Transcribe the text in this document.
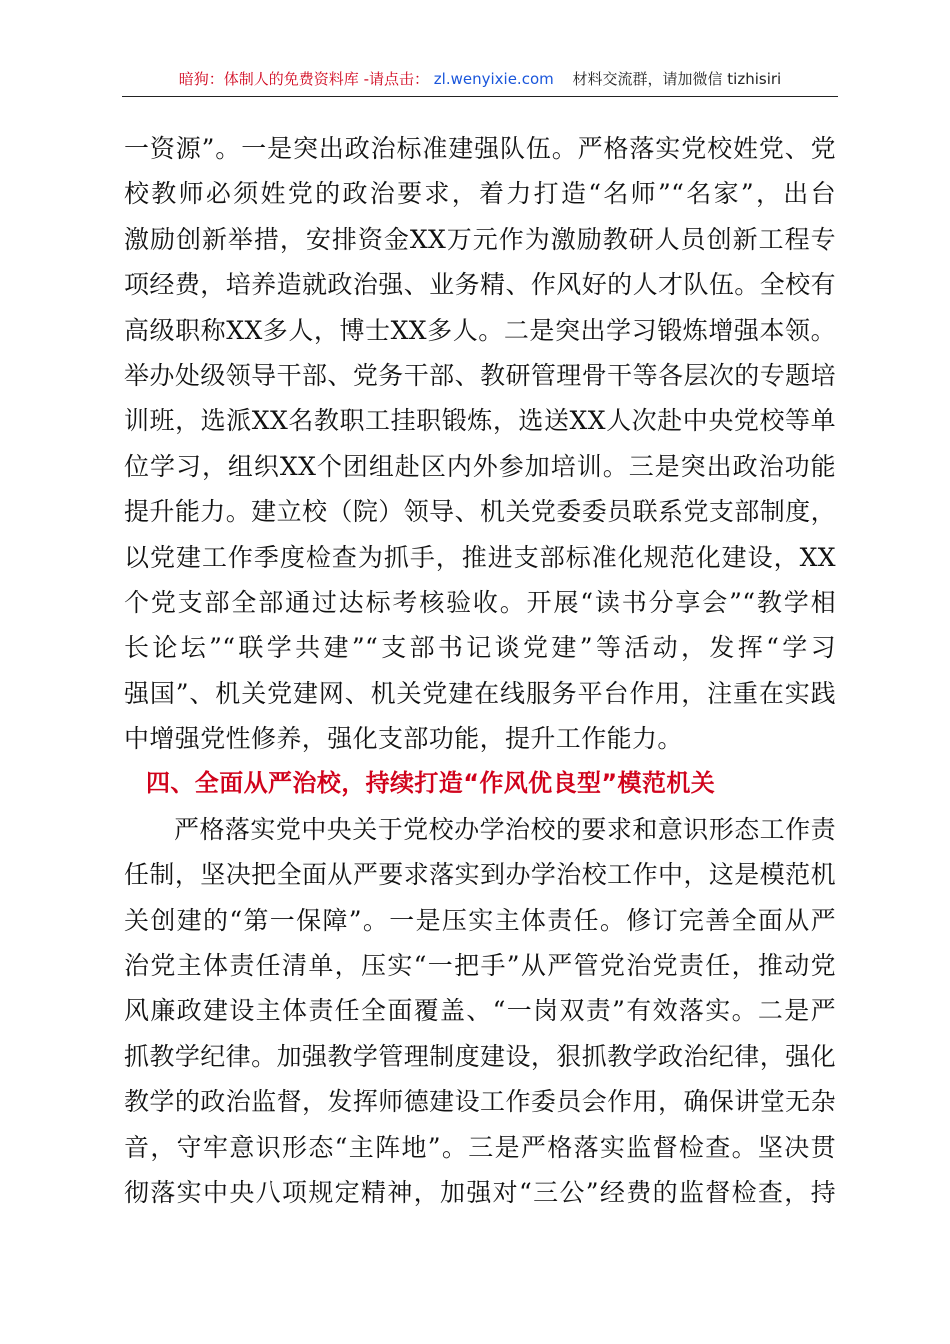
暗狗：体制人的免费资料库 -请点击： zl.wenyixie.com 材料交流群，请加微信 tizhisiri
一资源”。一是突出政治标准建强队伍。严格落实党校姓党、党
校教师必须姓党的政治要求，着力打造“名师”“名家”，出台
激励创新举措，安排资金XX万元作为激励教研人员创新工程专
项经费，培养造就政治强、业务精、作风好的人才队伍。全校有
高级职称XX多人，博士XX多人。二是突出学习锻炼增强本领。
举办处级领导干部、党务干部、教研管理骨干等各层次的专题培
训班，选派XX名教职工挂职锻炼，选送XX人次赴中央党校等单
位学习，组织XX个团组赴区内外参加培训。三是突出政治功能
提升能力。建立校（院）领导、机关党委委员联系党支部制度，
以党建工作季度检查为抓手，推进支部标准化规范化建设，XX
个党支部全部通过达标考核验收。开展“读书分享会”“教学相
长论坛”“联学共建”“支部书记谈党建”等活动，发挥“学习
强国”、机关党建网、机关党建在线服务平台作用，注重在实践
中增强党性修养，强化支部功能，提升工作能力。
四、全面从严治校，持续打造“作风优良型”模范机关
严格落实党中央关于党校办学治校的要求和意识形态工作责
任制，坚决把全面从严要求落实到办学治校工作中，这是模范机
关创建的“第一保障”。一是压实主体责任。修订完善全面从严
治党主体责任清单，压实“一把手”从严管党治党责任，推动党
风廉政建设主体责任全面覆盖、“一岗双责”有效落实。二是严
抓教学纪律。加强教学管理制度建设，狠抓教学政治纪律，强化
教学的政治监督，发挥师德建设工作委员会作用，确保讲堂无杂
音，守牢意识形态“主阵地”。三是严格落实监督检查。坚决贯
彻落实中央八项规定精神，加强对“三公”经费的监督检查，持
